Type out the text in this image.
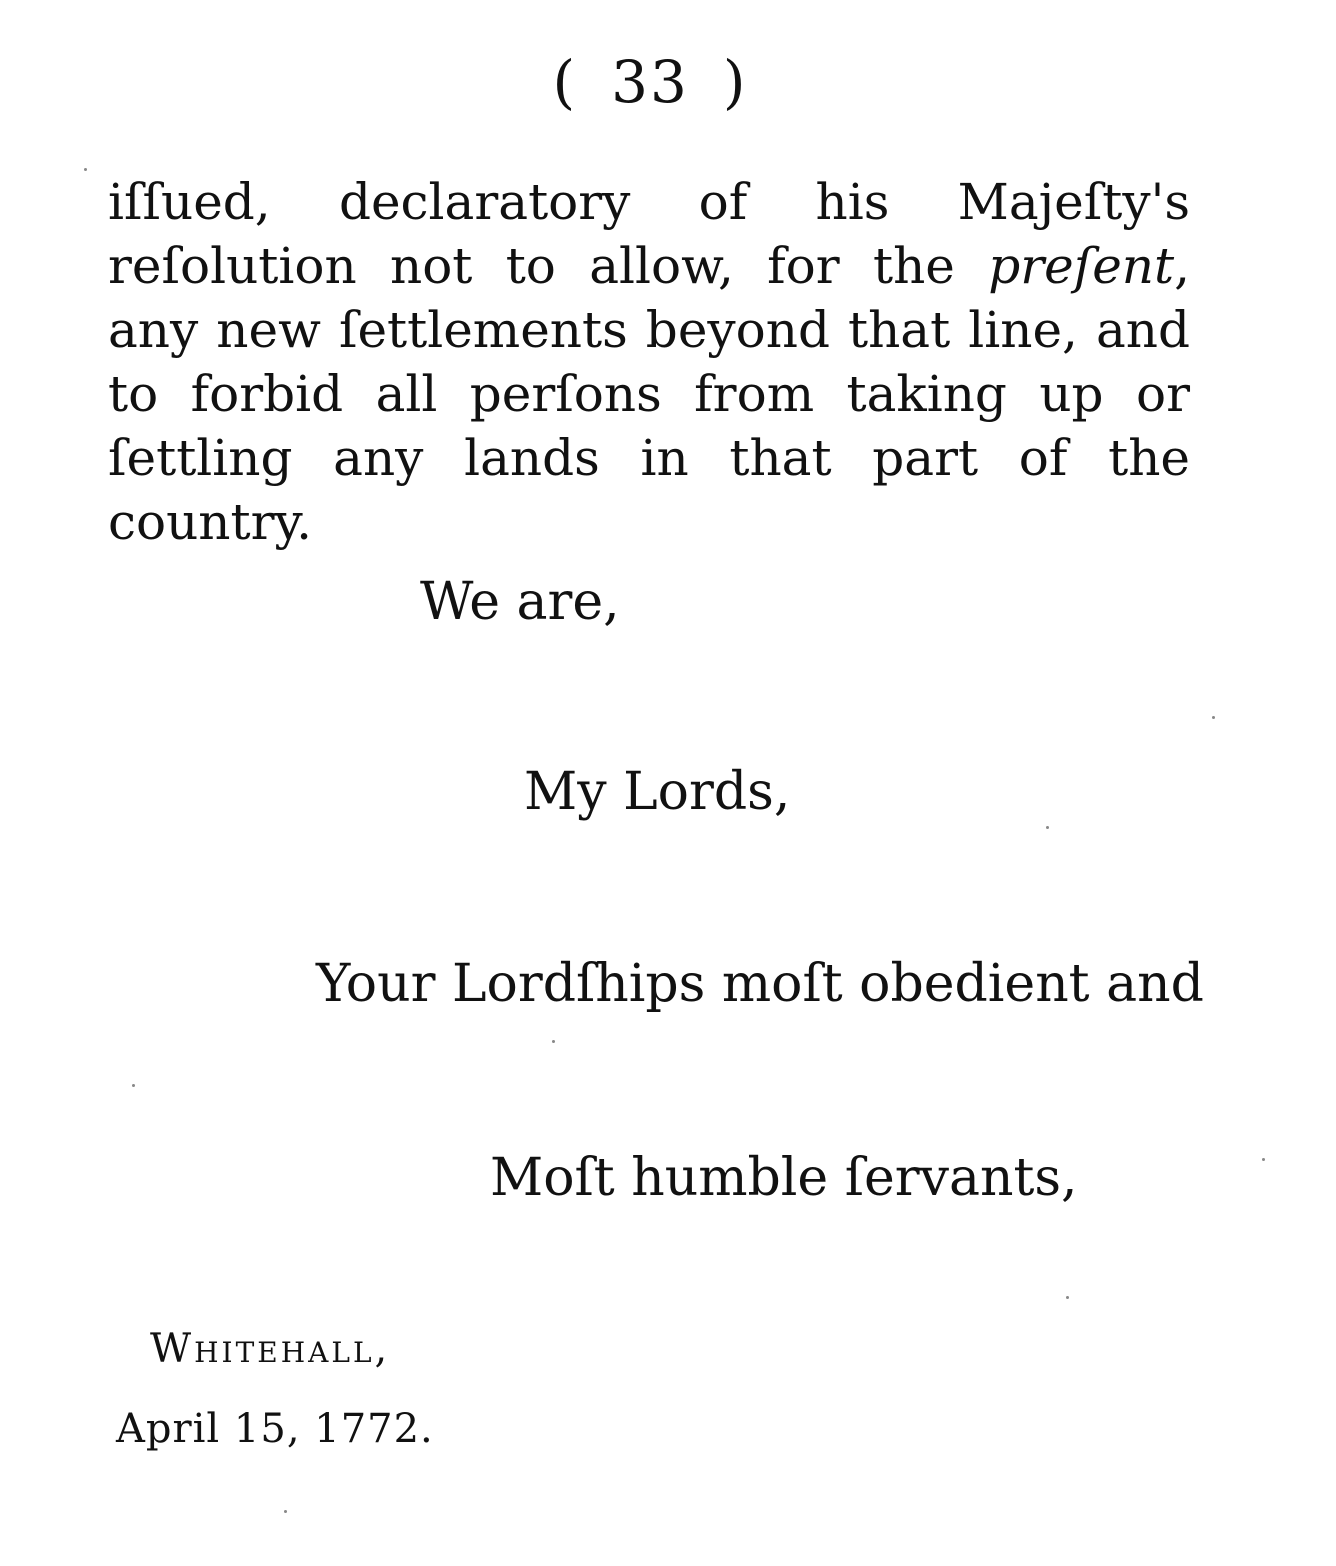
( 33 )

iſſued, declaratory of his Majeſty's reſolution not to allow, for the preſent, any new ſettlements beyond that line, and to forbid all perſons from taking up or ſettling any lands in that part of the country.

We are,
My Lords,
Your Lordſhips moſt obedient and
Moſt humble ſervants,
Whitehall,
April 15, 1772.
